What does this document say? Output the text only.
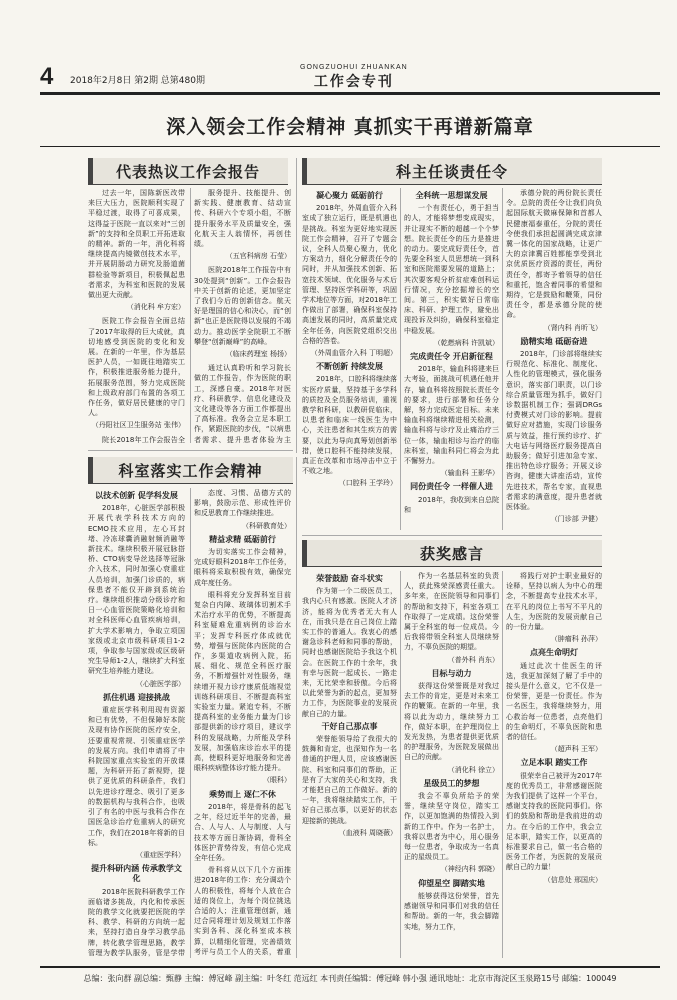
4 2018年2月8日 第2期 总第480期
GONGZUOHUI ZHUANKAN
工作会专刊
深入领会工作会精神 真抓实干再谱新篇章
代表热议工作会报告

过去一年，国陈新医改带来巨大压力，医院顺利实现了平稳过渡，取得了可喜成果，这得益于医院一直以来对“三创新”的支持和全员职工开拓进取的精神。新的一年，消化科将继续提高内镜微创技术水平，并开展阴肠动力研究及肠道菌群检验等新项目，积极佩起患者需求，为科室和医院的发展做出更大贡献。

（消化科 牟方宏）

医院工作会报告全面总结了2017年取得的巨大成就，真切地感受到医院的变化和发展。在新的一年里，作为基层医护人员，一如既往地踏实工作，积极推进服务能力提升，拓展服务范围，努力完成医院和上级政府部门布置的各项工作任务，做好居民健康的守门人。

（丹阳社区卫生服务站 张伟）

院长2018年工作会报告全

服务提升、技能提升、创新实践、健康教育、结动宣传、科研六个专项小组，不断提升服务水平及质量安全，强化航天主人翁情怀，再创佳绩。

（五官科病房 石莹）

医院2018年工作报告中有30处提到“创新”。工作会报告中关于创新的论述，更加坚定了我们今后的创新信念。航天好是理国的信心和决心，而“创新”也正是医院得以发展的不竭动力。推动医学全院职工不断攀登“创新巅峰”的高峰。

（临床药理室 杨扬）

通过认真聆听和学习院长做的工作报告，作为医院的职工，深感自豪。2018年对医疗、科研教学、信息化建设及文化建设等各方面工作都提出了高标准。我务会立足本职工作，紧跟医院的步伐，“以病患者需求、提升患者体验为主

科主任谈责任令
凝心聚力 砥砺前行

2018年，外周血管介入科室成了独立运行，既是机遇也是挑战。科室为更好地实现医院工作会精神，召开了专题会议，全科人员聚心聚力，优化方案动力，细化分解责任令的同时，并从加强技术创新、拓宽技术领域、优化服务与术后管理、坚持医学科研等，巩固学术地位等方面，对2018年工作做出了部署，确保科室保持高速发展的同时，高质量完成全年任务，向医院党组织交出合格的答卷。

（外周血管介入科 丁明超）
不断创新 持续发展

2018年，口腔科将继续落实医疗质量，坚持基于多学科的质控及全员服务培训，重视教学和科研，以教研促临床，以患者和临床一线医生为中心，关注患者和其生疾方的需要，以此为导向真筹划创新举措，使口腔科不能持续发展，真正在改革和市场冲击中立于不败之地。

（口腔科 王学玲）
全科统一思想谋发展

一个有责任心，勇于担当的人，才能将梦想变成现实，并让现实不断的超越一个个梦想。院长责任令的压力是推进的动力。要完成好责任令，首先要全科室人员思想统一到科室和医院需要发展的道路上；其次要客观分析贫症难创科运行情况，充分挖掘增长的空间。第三，积实做好日常临床、科研、护理工作，避免出现投诉及纠纷，确保科室稳定中稳发展。

（乾燃病科 许凯斌）
完成责任令 开启新征程

2018年，输血科将建来巨大考验，面挑战可机遇任他并存，输血科将按照院长责任令的要求，进行部署和任务分解，努力完成医定目标。未来输血科将继续精进相关检测，输血科将与诊疗及止痛治疗三位一体，输血相诊与治疗的临床科室，输血科同仁将会为此不懈努力。

（输血科 王影华）
同份责任令 一样催人进

2018年，我收到来自总院和

承德分院的两份院长责任令。总院的责任令让我们向负起国际航天微麻保障和首都人民健康福泰重任，分院的责任令使我们承担起圆满完成京津冀一体化的国家战略，让更广大的京津冀百姓都能享受到北京优质医疗资源的责任，两份责任令，都寄予着领导的信任和重托，饱含着同事的希望和期待，它是鼓励和鞭策，同份责任令，都是承德分院的使命。

（肾内科 肖昕飞）
励精实地 砥砺奋进

2018年，门诊部将继续实行规范化、标准化、制度化、人性化的管理模式，强化服务意识，落实部门职责，以门诊综合质量管理为抓手，做好门诊数据机制工作；强调DRGs付费模式对门诊的影响。提前做好应对措施，实现门诊服务质与效益，推行预约诊疗、扩大电话与网络医疗服务提高自助服务；做好引进加急专家、推出特色诊疗服务；开展义诊咨询，健康大讲座活动，宣传先进技术，帮名专家，直视患者需求的满意度，提升患者就医体验。

（门诊部 尹健）
科室落实工作会精神
以技术创新 促学科发展

2018年，心脏医学部积极开展代表学科技术方向的ECMO技术应用，左心耳封堵、冷冻球囊消融射频消融等新技术。继续积极开展冠脉搭桥、CTO病变导丝选择等冠脉介入技术，同时加强心衰重症人员培训，加强门诊质的，病保患者不能仅开辟到系统治疗。继续组织推动分级诊疗和日一心血管医院策略化培训和对全科医师心血管疾病培训，扩大学术影响力，争取立项国家级或北京市级科研项目1-2项，争取参与国家级或区级研究生导师1-2人，继续扩大科室研究生培养能力建设。

（心脏医学部）
抓住机遇 迎接挑战

重症医学科利用现有资源和已有优势，不但保障好本院及现有协作医院的医疗安全，还要重视常规、引领重症医学的发展方向。我们申请将了中科院国家重点实验室的开放课题，为科研开拓了新视野，提供了更优质的科研条件，我们以先进诊疗理念、吸引了更多的数据机构与我科合作，也吸引了有名的中医与我科合作在国医急诊治疗危重病人的研究工作，我们在2018年将新的目标。

（重症医学科）
提升科研内涵 传承教学文化

2018年医院科研教学工作面临诸多挑战，内化和传承医院的教学文化就要把医院的学科、教学、科研的方向统一起来，坚持打造自身学习教学品牌，转化教学管理思路，教学管理为教学队服务，管是学带

态度、习惯、品德方式的影响，鼓励示范、形成性评价和反思教育工作继续推进。

（科研教育处）
精益求精 砥砺前行

为切实落实工作会精神，完成好眼科2018年工作任务，眼科将采取积极有效，确保完成年度任务。

眼科将充分发挥科室目前复杂白内障、玻璃体切割术手术治疗水平的优势，不断提高科室疑难危重病例的诊治水平；发挥专科医疗体成就优势，增强与医院体内医院的合作，多渠道收病例入院，拓展、细化、规范全科医疗服务，不断增强针对性服务，继续增开视力诊疗康质低端视觉训练科研项目、不断提高科室实验室力量。紧追专科，不断提高科室的业务能力量为门诊部提供新的诊疗项目，建议学科的发展战略，力所能及学科发展，加强临床诊治水平的提高，使眼科更好地服务和完善眼科疾病整体诊疗能力提升。

（眼科）
乘势而上 逐仁不休

2018年，将是骨科的起飞之年，经过近半年的完善，最合、人与人、人与制度、人与技术等方面日渐协调，骨科全体医护青势待发，有信心完成全年任务。

骨科将从以下几个方面推进2018年的工作：充分调动个人的积极性，将每个人放在合适的岗位上，为每个岗位挑选合适的人；注重管理创新，通过合同将理计划及规划工作落实到各科、深化科室成本核算，以精细化管理，完善绩效考评与员工个人的关系，着重

获奖感言
荣誉鼓励 奋斗状实

作为第一个二级医员工，我内心只有感激。医院人才济济，能将为优秀者无大有人在，而我只是在自己岗位上踏实工作的普通人。我衷心的感谢急诊科老师和同事的帮助，同时也感谢医院给予我这个机会。在医院工作的十余年，我有幸与医院一起成长、一路走来，无比荣幸和骄傲。今后将以此荣誉为新的起点，更加努力工作，为医院事业的发展贡献自己的力量。

干好自己那点事

荣誉能领导给了我很大的鼓舞和肯定，也深知作为一名普通的护理人员，应该感谢医院、科室和同事们的帮助，正是有了大家的关心和支持，我才能把自己的工作做好。新的一年，我将继续踏实工作，干好自己那点事，以更好的状态迎接新的挑战。

（血液科 周晓薇）

作为一名基层科室的负责人，获此殊荣深感责任重大。多年来，在医院领导和同事们的帮助和支持下，科室各项工作取得了一定成绩。这份荣誉属于全科室的每一位成员。今后我将带领全科室人员继续努力，不辜负医院的期望。

（普外科 肖东）
目标与动力

获得这份荣誉既是对我过去工作的肯定，更是对未来工作的鞭策。在新的一年里，我将以此为动力，继续努力工作，做好本职，在护理岗位上发光发热，为患者提供更优质的护理服务，为医院发展做出自己的贡献。

（消化科 徐立）
星级员工的梦想

我会不辜负所给予的荣誉，继续坚守岗位，踏实工作，以更加饱满的热情投入到新的工作中。作为一名护士，我将以患者为中心，用心服务每一位患者，争取成为一名真正的星级员工。

（神经内科 郭晓）
仰望星空 脚踏实地

能够获得这份荣誉，首先感谢领导和同事们对我的信任和帮助。新的一年，我会脚踏实地，努力工作，

将践行对护士职业最好的诠释，坚持以病人为中心的理念，不断提高专业技术水平，在平凡的岗位上书写不平凡的人生，为医院的发展贡献自己的一份力量。

（肿瘤科 孙萍）
点亮生命明灯

通过此次十佳医生的评选，我更加深刻了解了手中的接头是什么意义，它不仅是一份荣誉，更是一份责任。作为一名医生，我将继续努力，用心救治每一位患者，点亮他们的生命明灯，不辜负医院和患者的信任。

（超声科 王军）
立足本职 踏实工作

很荣幸自己被评为2017年度的优秀员工，非常感谢医院为我们提供了这样一个平台，感谢支持我的医院同事们。你们的鼓励和帮助是我前进的动力。在今后的工作中，我会立足本职，踏实工作，以更高的标准要求自己，做一名合格的医务工作者，为医院的发展贡献自己的力量！

（信息处 邢国庆）
总编：张向群 副总编：甄静 主编：傅冠峰 副主编：叶冬红 范远红 本刊责任编辑：傅冠峰 韩小强 通讯地址：北京市海淀区玉泉路15号 邮编：100049
